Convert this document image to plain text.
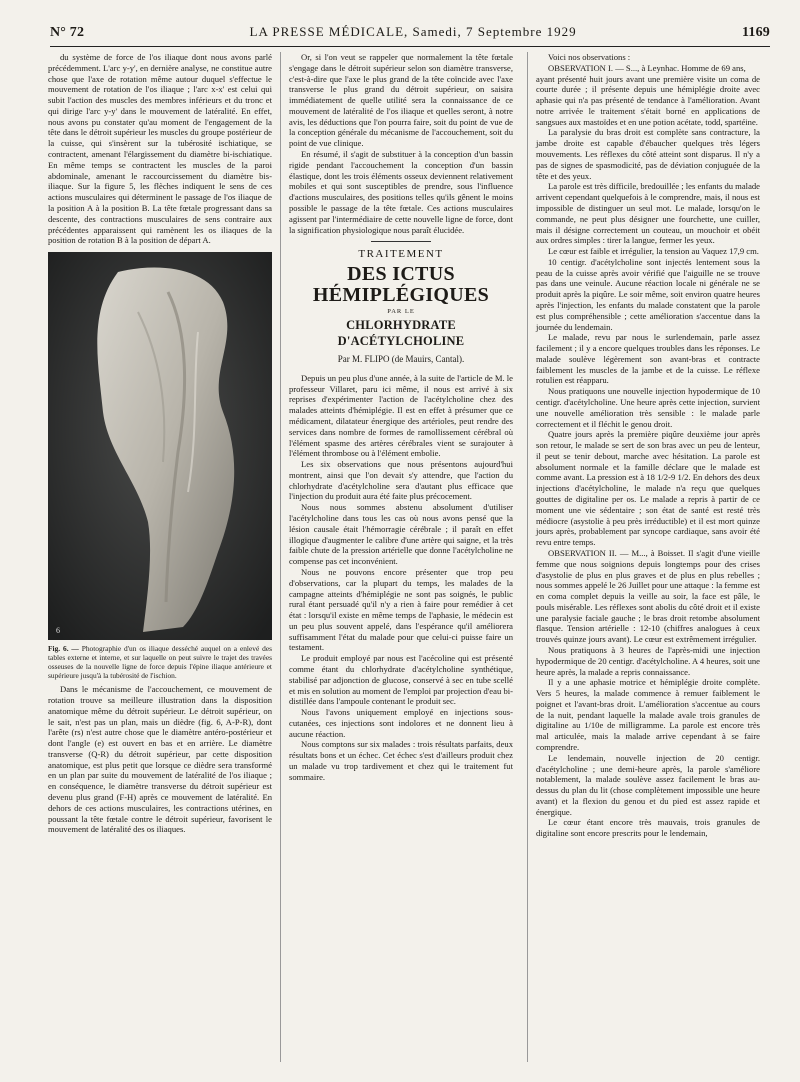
N° 72	LA PRESSE MÉDICALE, Samedi, 7 Septembre 1929	1169

du système de force de l'os iliaque dont nous avons parlé précédemment. L'arc y-y', en dernière analyse, ne constitue autre chose que l'axe de rotation même autour duquel s'effectue le mouvement de rotation de l'os iliaque ; l'arc x-x' est celui qui subit l'action des muscles des membres inférieurs et du tronc et qui dirige l'arc y-y' dans le mouvement de latéralité. En effet, nous avons pu constater qu'au moment de l'engagement de la tête dans le détroit supérieur les muscles du groupe postérieur de la cuisse, qui s'insèrent sur la tubérosité ischiatique, se contractent, amenant l'élargissement du diamètre bi-ischiatique. En même temps se contractent les muscles de la paroi abdominale, amenant le raccourcissement du diamètre bis-iliaque. Sur la figure 5, les flèches indiquent le sens de ces actions musculaires qui déterminent le passage de l'os iliaque de la position A à la position B. La tête fœtale progressant dans sa descente, des contractions musculaires de sens contraire aux précédentes apparaissent qui ramènent les os iliaques de la position de rotation B à la position de départ A.

6
Fig. 6. — Photographie d'un os iliaque desséché auquel on a enlevé des tables externe et interne, et sur laquelle on peut suivre le trajet des travées osseuses de la nouvelle ligne de force depuis l'épine iliaque antérieure et supérieure jusqu'à la tubérosité de l'ischion.

Dans le mécanisme de l'accouchement, ce mouvement de rotation trouve sa meilleure illustration dans la disposition anatomique même du détroit supérieur. Le détroit supérieur, on le sait, n'est pas un plan, mais un dièdre (fig. 6, A-P-R), dont l'arête (rs) n'est autre chose que le diamètre antéro-postérieur et dont l'angle (e) est ouvert en bas et en arrière. Le diamètre transverse (Q-R) du détroit supérieur, par cette disposition anatomique, est plus petit que lorsque ce dièdre sera transformé en un plan par suite du mouvement de latéralité de l'os iliaque ; en conséquence, le diamètre transverse du détroit supérieur est devenu plus grand (F-H) après ce mouvement de latéralité. En dehors de ces actions musculaires, les contractions utérines, en poussant la tête fœtale contre le détroit supérieur, favorisent le mouvement de latéralité des os iliaques.

Or, si l'on veut se rappeler que normalement la tête fœtale s'engage dans le détroit supérieur selon son diamètre transverse, c'est-à-dire que l'axe le plus grand de la tête coïncide avec l'axe transverse le plus grand du détroit supérieur, on saisira immédiatement de quelle utilité sera la connaissance de ce mouvement de latéralité de l'os iliaque et quelles seront, à notre avis, les déductions que l'on pourra faire, soit du point de vue de la conception générale du mécanisme de l'accouchement, soit du point de vue clinique.

En résumé, il s'agit de substituer à la conception d'un bassin rigide pendant l'accouchement la conception d'un bassin élastique, dont les trois éléments osseux deviennent relativement mobiles et qui sont susceptibles de prendre, sous l'influence d'actions musculaires, des positions telles qu'ils gênent le moins possible le passage de la tête fœtale. Ces actions musculaires agissent par l'intermédiaire de cette nouvelle ligne de force, dont la signification physiologique nous paraît élucidée.

TRAITEMENT
DES ICTUS HÉMIPLÉGIQUES
PAR LE
CHLORHYDRATE D'ACÉTYLCHOLINE
Par M. FLIPO (de Mauirs, Cantal).

Depuis un peu plus d'une année, à la suite de l'article de M. le professeur Villaret, paru ici même, il nous est arrivé à six reprises d'expérimenter l'action de l'acétylcholine chez des malades atteints d'hémiplégie. Il est en effet à présumer que ce médicament, dilatateur énergique des artérioles, peut rendre des services dans nombre de formes de ramollissement cérébral où l'élément spasme des artères cérébrales vient se surajouter à l'élément thrombose ou à l'élément embolie.

Les six observations que nous présentons aujourd'hui montrent, ainsi que l'on devait s'y attendre, que l'action du chlorhydrate d'acétylcholine sera d'autant plus efficace que l'injection du produit aura été faite plus précocement.

Nous nous sommes abstenu absolument d'utiliser l'acétylcholine dans tous les cas où nous avons pensé que la lésion causale était l'hémorragie cérébrale ; il paraît en effet illogique d'augmenter le calibre d'une artère qui saigne, et la très faible chute de la pression artérielle que donne l'acétylcholine ne compense pas cet inconvénient.

Nous ne pouvons encore présenter que trop peu d'observations, car la plupart du temps, les malades de la campagne atteints d'hémiplégie ne sont pas soignés, le public rural étant persuadé qu'il n'y a rien à faire pour remédier à cet état : lorsqu'il existe en même temps de l'aphasie, le médecin est un peu plus souvent appelé, dans l'espérance qu'il améliorera suffisamment l'état du malade pour que celui-ci puisse faire un testament.

Le produit employé par nous est l'acécoline qui est présenté comme étant du chlorhydrate d'acétylcholine synthétique, stabilisé par adjonction de glucose, conservé à sec en tube scellé et mis en solution au moment de l'emploi par projection d'eau bi-distillée dans l'ampoule contenant le produit sec.

Nous l'avons uniquement employé en injections sous-cutanées, ces injections sont indolores et ne donnent lieu à aucune réaction.

Nous comptons sur six malades : trois résultats parfaits, deux résultats bons et un échec. Cet échec s'est d'ailleurs produit chez un malade vu trop tardivement et chez qui le traitement fut sommaire.

Voici nos observations :

OBSERVATION I. — S..., à Leynhac. Homme de 69 ans,

ayant présenté huit jours avant une première visite un coma de courte durée ; il présente depuis une hémiplégie droite avec aphasie qui n'a pas présenté de tendance à l'amélioration. Avant notre arrivée le traitement s'était borné en applications de sangsues aux mastoïdes et en une potion acétate, todd, spartéine.

La paralysie du bras droit est complète sans contracture, la jambe droite est capable d'ébaucher quelques très légers mouvements. Les réflexes du côté atteint sont disparus. Il n'y a pas de signes de spasmodicité, pas de déviation conjuguée de la tête et des yeux.

La parole est très difficile, bredouillée ; les enfants du malade arrivent cependant quelquefois à le comprendre, mais, il nous est impossible de distinguer un seul mot. Le malade, lorsqu'on le commande, ne peut plus désigner une fourchette, une cuiller, mais il désigne correctement un couteau, un mouchoir et obéit aux ordres simples : tirer la langue, fermer les yeux.

Le cœur est faible et irrégulier, la tension au Vaquez 17,9 cm.

10 centigr. d'acétylcholine sont injectés lentement sous la peau de la cuisse après avoir vérifié que l'aiguille ne se trouve pas dans une veinule. Aucune réaction locale ni générale ne se produit après la piqûre. Le soir même, soit environ quatre heures après l'injection, les enfants du malade constatent que la parole est plus compréhensible ; cette amélioration s'accentue dans la journée du lendemain.

Le malade, revu par nous le surlendemain, parle assez facilement ; il y a encore quelques troubles dans les réponses. Le malade soulève légèrement son avant-bras et contracte faiblement les muscles de la jambe et de la cuisse. Le réflexe rotulien est réapparu.

Nous pratiquons une nouvelle injection hypodermique de 10 centigr. d'acétylcholine. Une heure après cette injection, survient une nouvelle amélioration très sensible : le malade parle correctement et il fléchit le genou droit.

Quatre jours après la première piqûre deuxième jour après son retour, le malade se sert de son bras avec un peu de lenteur, il peut se tenir debout, marche avec hésitation. La parole est absolument normale et la famille déclare que le malade est comme avant. La pression est à 18 1/2-9 1/2. En dehors des deux injections d'acétylcholine, le malade n'a reçu que quelques gouttes de digitaline per os. Le malade a repris à partir de ce moment une vie sédentaire ; son état de santé est resté très médiocre (asystolie à peu près irréductible) et il est mort quinze jours après, probablement par syncope cardiaque, sans avoir été revu entre temps.

OBSERVATION II. — M..., à Boisset. Il s'agit d'une vieille femme que nous soignions depuis longtemps pour des crises d'asystolie de plus en plus graves et de plus en plus rebelles ; nous sommes appelé le 26 Juillet pour une attaque : la femme est en coma complet depuis la veille au soir, la face est pâle, le pouls misérable. Les réflexes sont abolis du côté droit et il existe une paralysie faciale gauche ; le bras droit retombe absolument flasque. Tension artérielle : 12-10 (chiffres analogues à ceux trouvés quinze jours avant). Le cœur est extrêmement irrégulier.

Nous pratiquons à 3 heures de l'après-midi une injection hypodermique de 20 centigr. d'acétylcholine. A 4 heures, soit une heure après, la malade a repris connaissance.

Il y a une aphasie motrice et hémiplégie droite complète. Vers 5 heures, la malade commence à remuer faiblement le poignet et l'avant-bras droit. L'amélioration s'accentue au cours de la nuit, pendant laquelle la malade avale trois granules de digitaline au 1/10e de milligramme. La parole est encore très mal articulée, mais la malade arrive cependant à se faire comprendre.

Le lendemain, nouvelle injection de 20 centigr. d'acétylcholine ; une demi-heure après, la parole s'améliore notablement, la malade soulève assez facilement le bras au-dessus du plan du lit (chose complètement impossible une heure avant) et la flexion du genou et du pied est assez rapide et énergique.

Le cœur étant encore très mauvais, trois granules de digitaline sont encore prescrits pour le lendemain,
